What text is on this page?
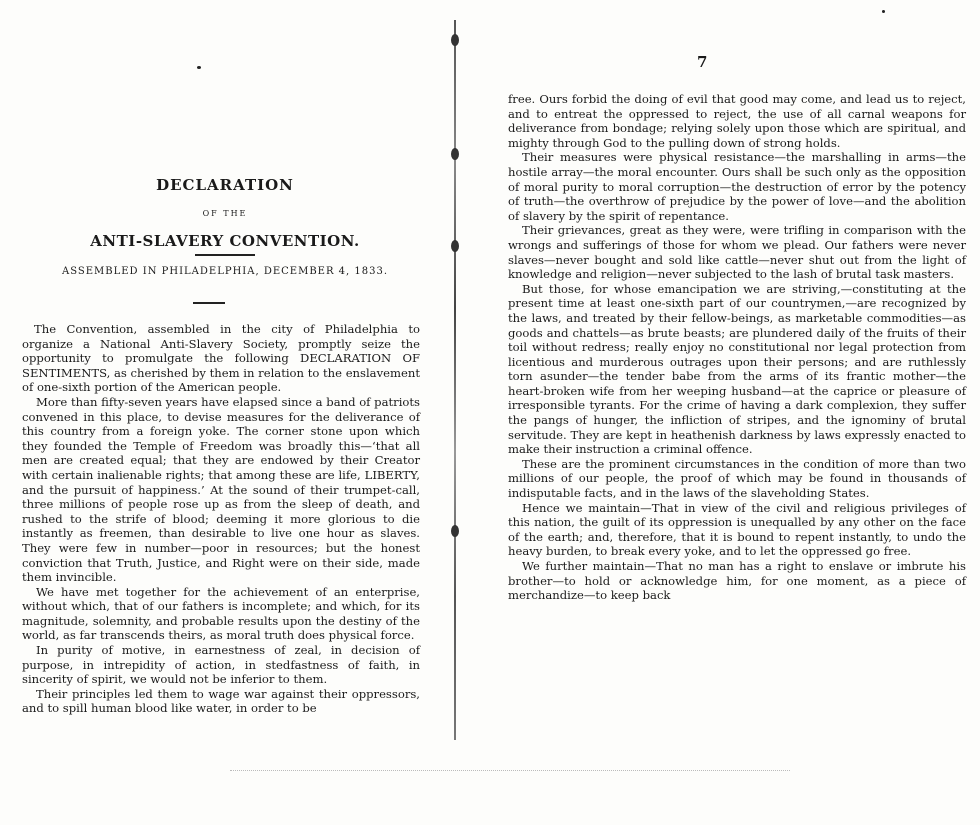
DECLARATION
OF THE
ANTI-SLAVERY CONVENTION.
ASSEMBLED IN PHILADELPHIA, DECEMBER 4, 1833.

The Convention, assembled in the city of Philadelphia to organize a National Anti-Slavery Society, promptly seize the opportunity to promulgate the following DECLARATION OF SENTIMENTS, as cherished by them in relation to the enslavement of one-sixth portion of the American people.

More than fifty-seven years have elapsed since a band of patriots convened in this place, to devise measures for the deliverance of this country from a foreign yoke. The corner stone upon which they founded the Temple of Freedom was broadly this—‘that all men are created equal; that they are endowed by their Creator with certain inalienable rights; that among these are life, LIBERTY, and the pursuit of happiness.’ At the sound of their trumpet-call, three millions of people rose up as from the sleep of death, and rushed to the strife of blood; deeming it more glorious to die instantly as freemen, than desirable to live one hour as slaves. They were few in number—poor in resources; but the honest conviction that Truth, Justice, and Right were on their side, made them invincible.

We have met together for the achievement of an enterprise, without which, that of our fathers is incomplete; and which, for its magnitude, solemnity, and probable results upon the destiny of the world, as far transcends theirs, as moral truth does physical force.

In purity of motive, in earnestness of zeal, in decision of purpose, in intrepidity of action, in stedfastness of faith, in sincerity of spirit, we would not be inferior to them.

Their principles led them to wage war against their oppressors, and to spill human blood like water, in order to be

7

free. Ours forbid the doing of evil that good may come, and lead us to reject, and to entreat the oppressed to reject, the use of all carnal weapons for deliverance from bondage; relying solely upon those which are spiritual, and mighty through God to the pulling down of strong holds.

Their measures were physical resistance—the marshalling in arms—the hostile array—the moral encounter. Ours shall be such only as the opposition of moral purity to moral corruption—the destruction of error by the potency of truth—the overthrow of prejudice by the power of love—and the abolition of slavery by the spirit of repentance.

Their grievances, great as they were, were trifling in comparison with the wrongs and sufferings of those for whom we plead. Our fathers were never slaves—never bought and sold like cattle—never shut out from the light of knowledge and religion—never subjected to the lash of brutal task masters.

But those, for whose emancipation we are striving,—constituting at the present time at least one-sixth part of our countrymen,—are recognized by the laws, and treated by their fellow-beings, as marketable commodities—as goods and chattels—as brute beasts; are plundered daily of the fruits of their toil without redress; really enjoy no constitutional nor legal protection from licentious and murderous outrages upon their persons; and are ruthlessly torn asunder—the tender babe from the arms of its frantic mother—the heart-broken wife from her weeping husband—at the caprice or pleasure of irresponsible tyrants. For the crime of having a dark complexion, they suffer the pangs of hunger, the infliction of stripes, and the ignominy of brutal servitude. They are kept in heathenish darkness by laws expressly enacted to make their instruction a criminal offence.

These are the prominent circumstances in the condition of more than two millions of our people, the proof of which may be found in thousands of indisputable facts, and in the laws of the slaveholding States.

Hence we maintain—That in view of the civil and religious privileges of this nation, the guilt of its oppression is unequalled by any other on the face of the earth; and, therefore, that it is bound to repent instantly, to undo the heavy burden, to break every yoke, and to let the oppressed go free.

We further maintain—That no man has a right to enslave or imbrute his brother—to hold or acknowledge him, for one moment, as a piece of merchandize—to keep back
